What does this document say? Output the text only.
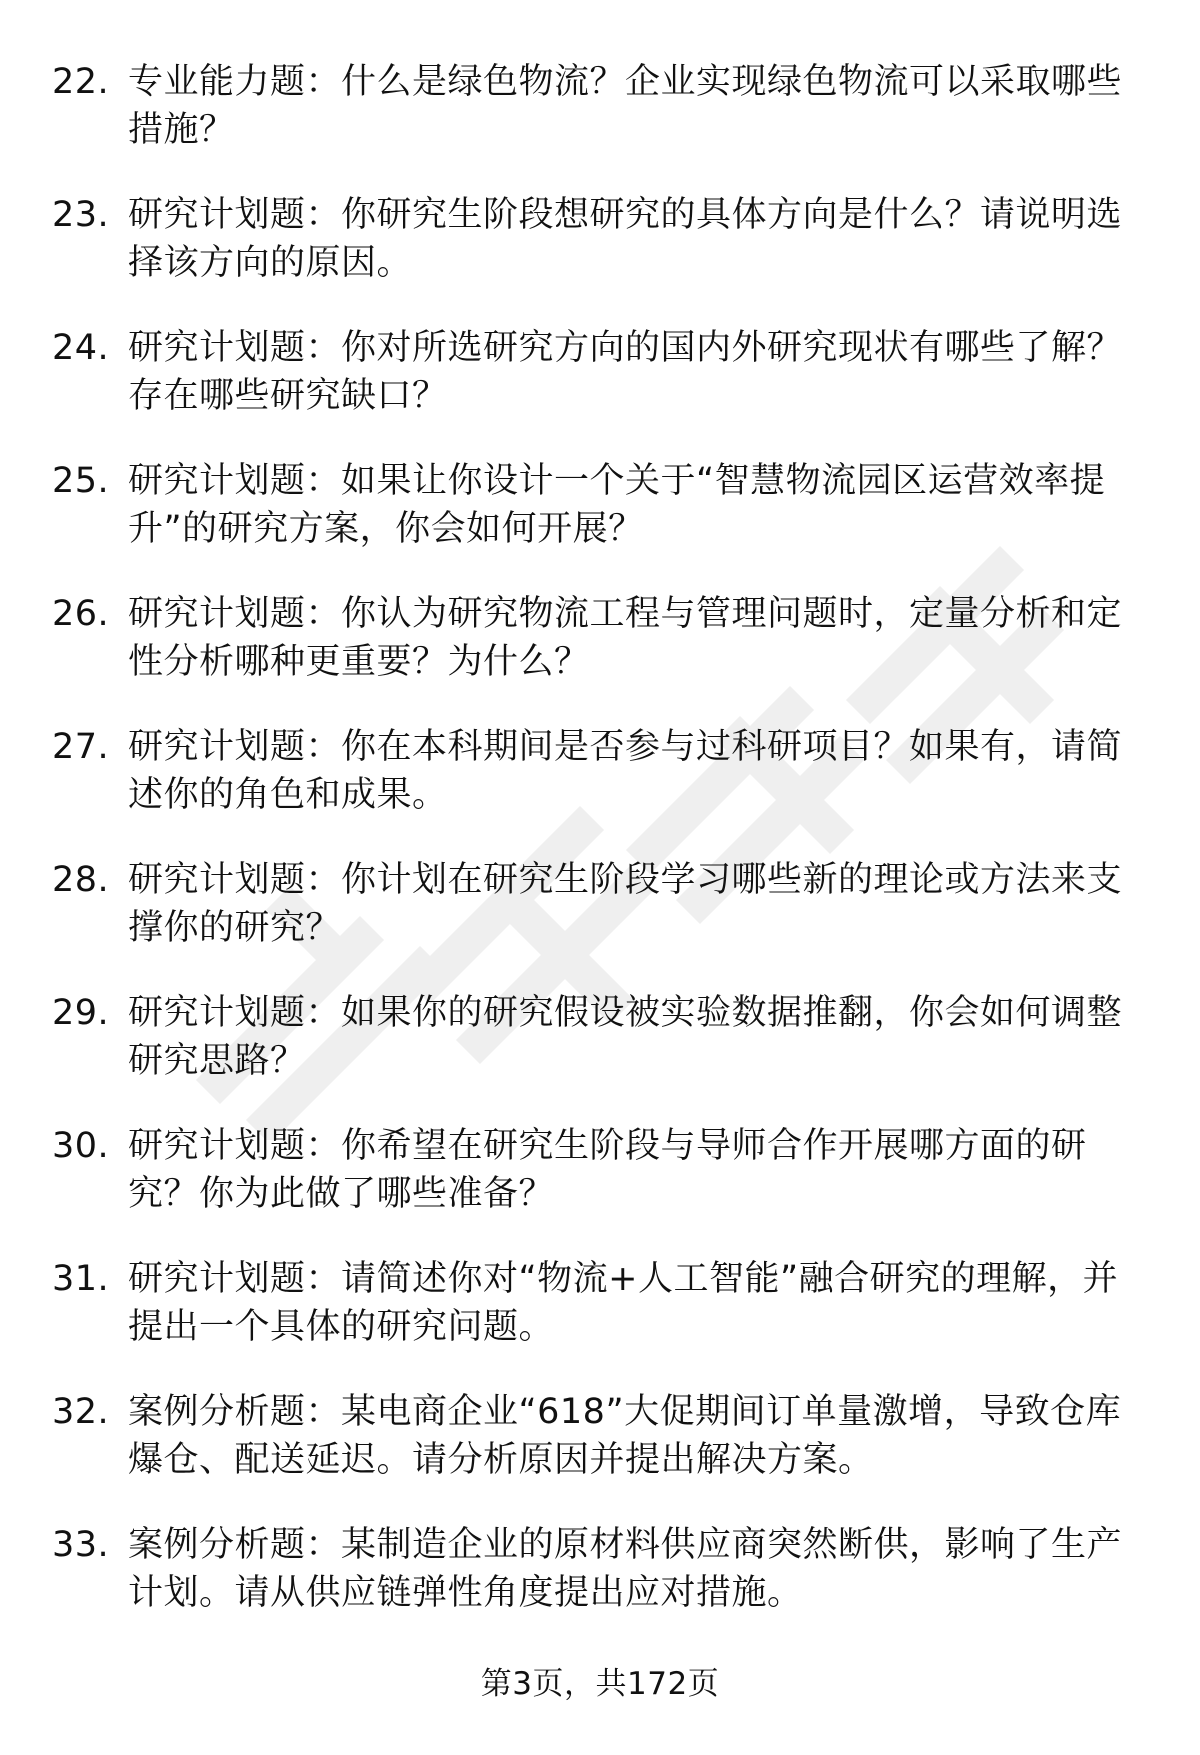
22. 专业能力题：什么是绿色物流？企业实现绿色物流可以采取哪些措施？
23. 研究计划题：你研究生阶段想研究的具体方向是什么？请说明选择该方向的原因。
24. 研究计划题：你对所选研究方向的国内外研究现状有哪些了解？存在哪些研究缺口？
25. 研究计划题：如果让你设计一个关于“智慧物流园区运营效率提升”的研究方案，你会如何开展？
26. 研究计划题：你认为研究物流工程与管理问题时，定量分析和定性分析哪种更重要？为什么？
27. 研究计划题：你在本科期间是否参与过科研项目？如果有，请简述你的角色和成果。
28. 研究计划题：你计划在研究生阶段学习哪些新的理论或方法来支撑你的研究？
29. 研究计划题：如果你的研究假设被实验数据推翻，你会如何调整研究思路？
30. 研究计划题：你希望在研究生阶段与导师合作开展哪方面的研究？你为此做了哪些准备？
31. 研究计划题：请简述你对“物流+人工智能”融合研究的理解，并提出一个具体的研究问题。
32. 案例分析题：某电商企业“618”大促期间订单量激增，导致仓库爆仓、配送延迟。请分析原因并提出解决方案。
33. 案例分析题：某制造企业的原材料供应商突然断供，影响了生产计划。请从供应链弹性角度提出应对措施。
第3页，共172页
